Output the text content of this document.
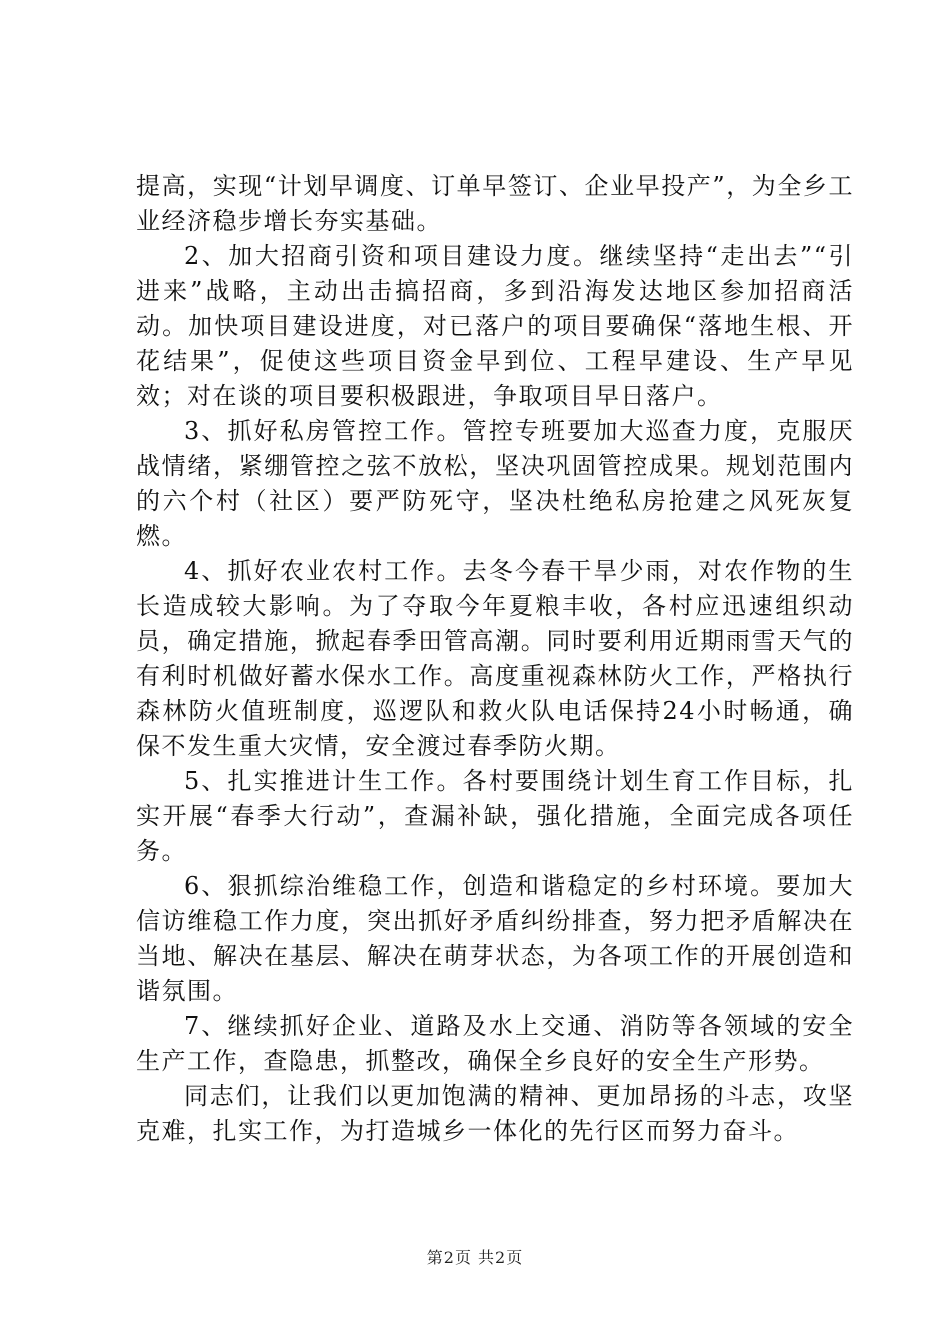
提高，实现“计划早调度、订单早签订、企业早投产”，为全乡工业经济稳步增长夯实基础。

2、加大招商引资和项目建设力度。继续坚持“走出去”“引进来”战略，主动出击搞招商，多到沿海发达地区参加招商活动。加快项目建设进度，对已落户的项目要确保“落地生根、开花结果”，促使这些项目资金早到位、工程早建设、生产早见效；对在谈的项目要积极跟进，争取项目早日落户。

3、抓好私房管控工作。管控专班要加大巡查力度，克服厌战情绪，紧绷管控之弦不放松，坚决巩固管控成果。规划范围内的六个村（社区）要严防死守，坚决杜绝私房抢建之风死灰复燃。

4、抓好农业农村工作。去冬今春干旱少雨，对农作物的生长造成较大影响。为了夺取今年夏粮丰收，各村应迅速组织动员，确定措施，掀起春季田管高潮。同时要利用近期雨雪天气的有利时机做好蓄水保水工作。高度重视森林防火工作，严格执行森林防火值班制度，巡逻队和救火队电话保持24小时畅通，确保不发生重大灾情，安全渡过春季防火期。

5、扎实推进计生工作。各村要围绕计划生育工作目标，扎实开展“春季大行动”，查漏补缺，强化措施，全面完成各项任务。

6、狠抓综治维稳工作，创造和谐稳定的乡村环境。要加大信访维稳工作力度，突出抓好矛盾纠纷排查，努力把矛盾解决在当地、解决在基层、解决在萌芽状态，为各项工作的开展创造和谐氛围。

7、继续抓好企业、道路及水上交通、消防等各领域的安全生产工作，查隐患，抓整改，确保全乡良好的安全生产形势。

同志们，让我们以更加饱满的精神、更加昂扬的斗志，攻坚克难，扎实工作，为打造城乡一体化的先行区而努力奋斗。

第2页 共2页
